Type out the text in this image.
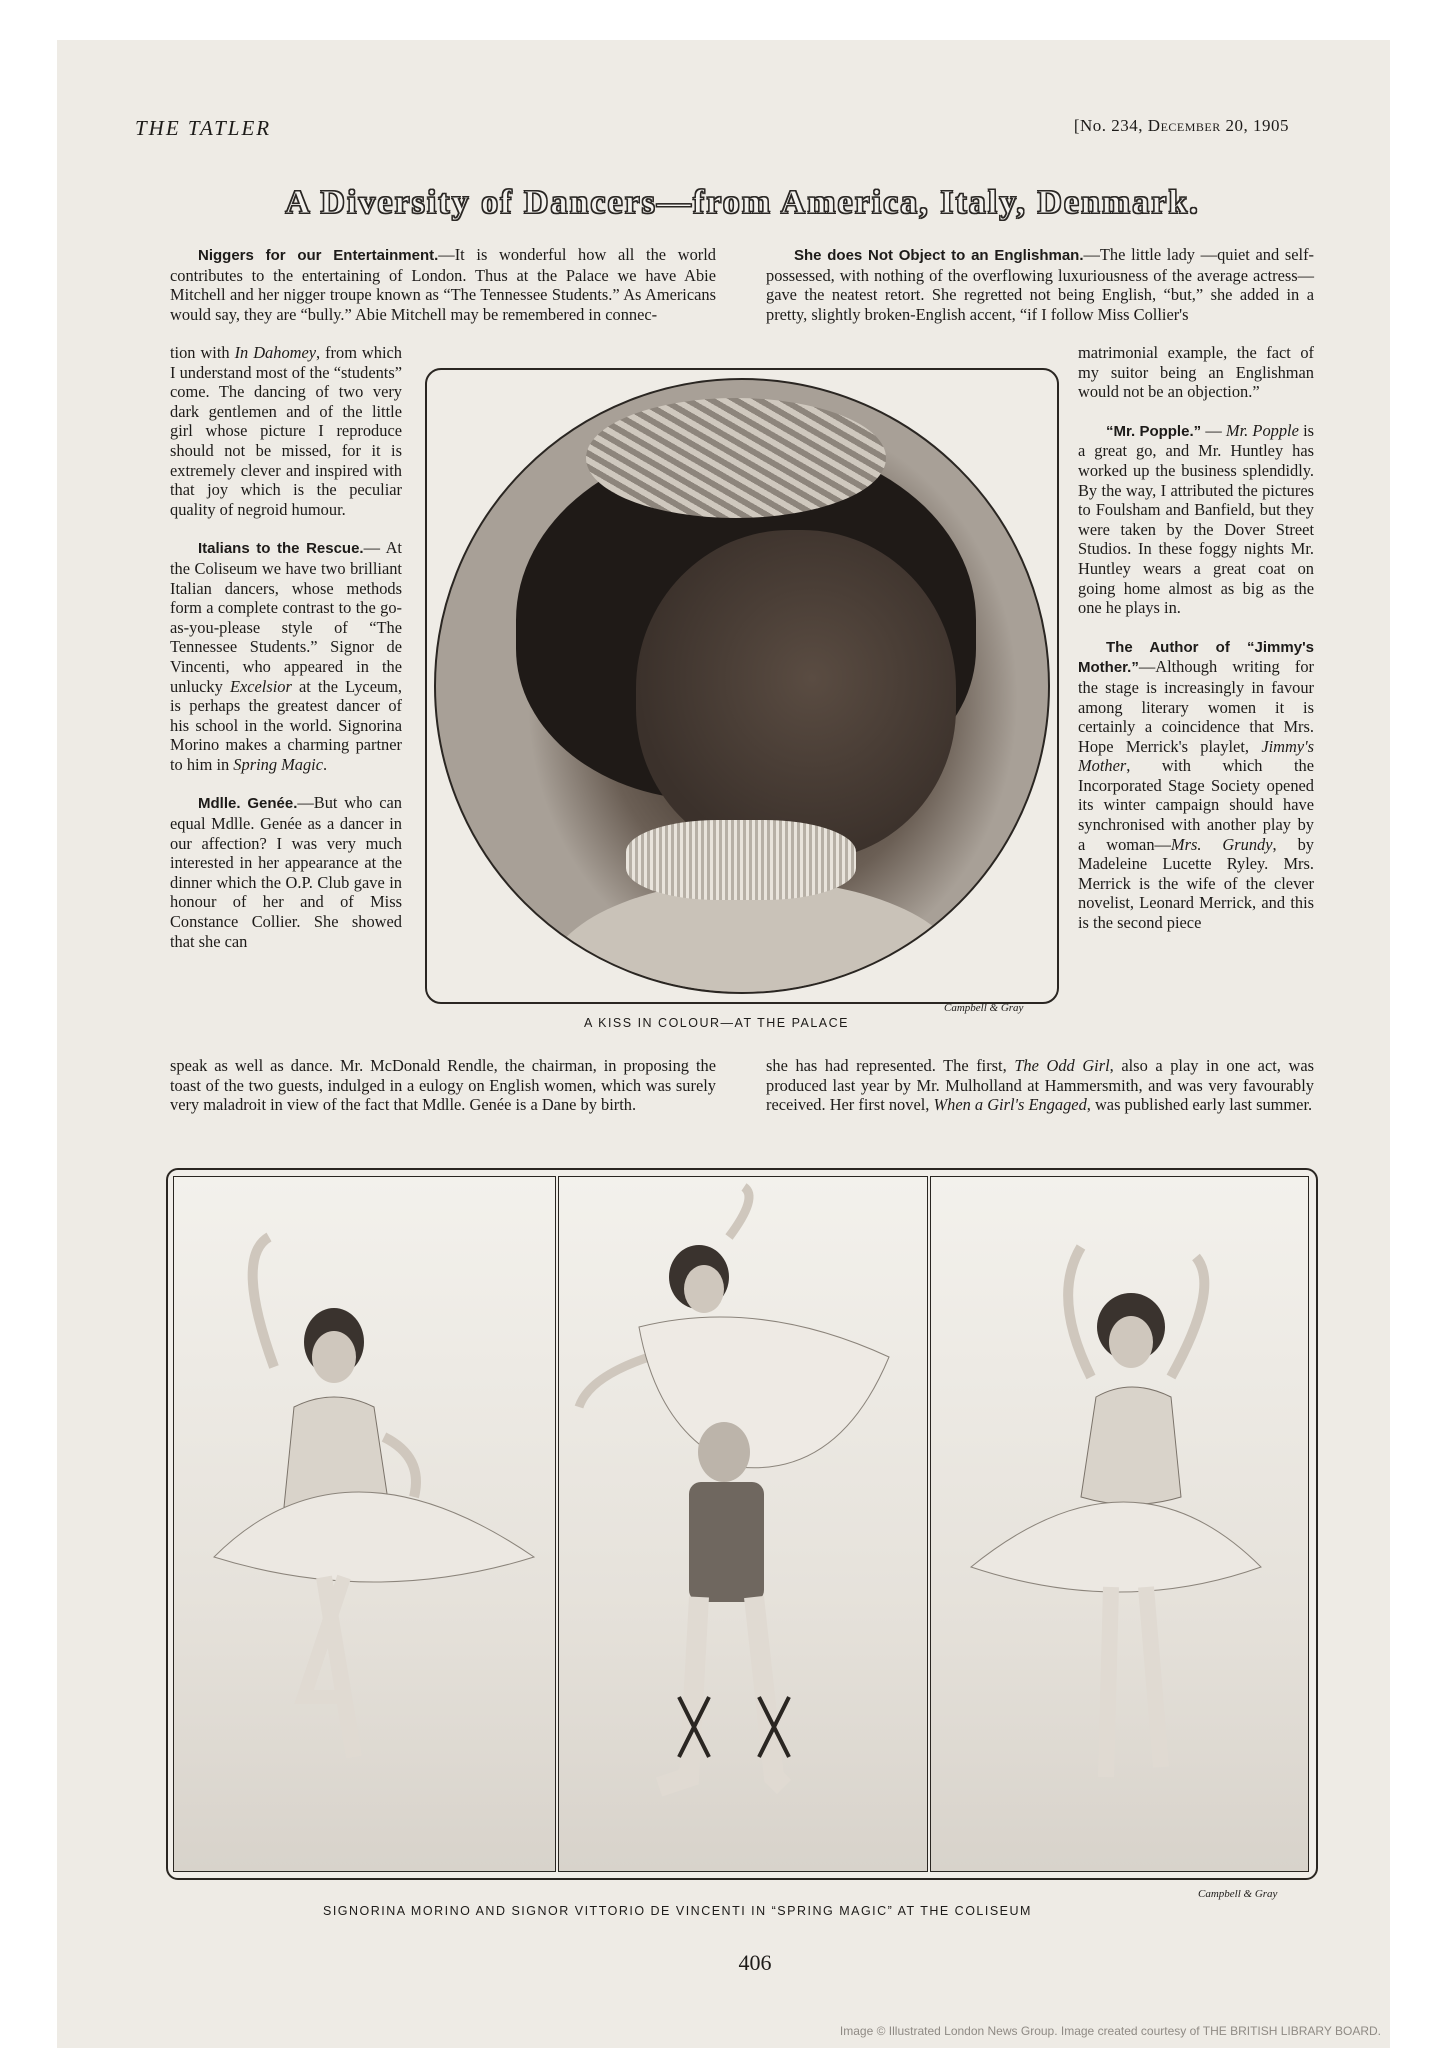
THE TATLER	[No. 234, December 20, 1905
A Diversity of Dancers—from America, Italy, Denmark.

Niggers for our Entertainment.—It is wonderful how all the world contributes to the entertaining of London. Thus at the Palace we have Abie Mitchell and her nigger troupe known as “The Tennessee Students.” As Americans would say, they are “bully.” Abie Mitchell may be remembered in connec-

tion with In Dahomey, from which I understand most of the “students” come. The dancing of two very dark gentlemen and of the little girl whose picture I reproduce should not be missed, for it is extremely clever and inspired with that joy which is the peculiar quality of negroid humour.

Italians to the Rescue.— At the Coliseum we have two brilliant Italian dancers, whose methods form a complete contrast to the go-as-you-please style of “The Tennessee Students.” Signor de Vincenti, who appeared in the unlucky Excelsior at the Lyceum, is perhaps the greatest dancer of his school in the world. Signorina Morino makes a charming partner to him in Spring Magic.

Mdlle. Genée.—But who can equal Mdlle. Genée as a dancer in our affection? I was very much interested in her appearance at the dinner which the O.P. Club gave in honour of her and of Miss Constance Collier. She showed that she can

speak as well as dance. Mr. McDonald Rendle, the chairman, in proposing the toast of the two guests, indulged in a eulogy on English women, which was surely very maladroit in view of the fact that Mdlle. Genée is a Dane by birth.

She does Not Object to an Englishman.—The little lady —quiet and self-possessed, with nothing of the overflowing luxuriousness of the average actress—gave the neatest retort. She regretted not being English, “but,” she added in a pretty, slightly broken-English accent, “if I follow Miss Collier's

matrimonial example, the fact of my suitor being an Englishman would not be an objection.”

“Mr. Popple.” — Mr. Popple is a great go, and Mr. Huntley has worked up the business splendidly. By the way, I attributed the pictures to Foulsham and Banfield, but they were taken by the Dover Street Studios. In these foggy nights Mr. Huntley wears a great coat on going home almost as big as the one he plays in.

The Author of “Jimmy's Mother.”—Although writing for the stage is increasingly in favour among literary women it is certainly a coincidence that Mrs. Hope Merrick's playlet, Jimmy's Mother, with which the Incorporated Stage Society opened its winter campaign should have synchronised with another play by a woman—Mrs. Grundy, by Madeleine Lucette Ryley. Mrs. Merrick is the wife of the clever novelist, Leonard Merrick, and this is the second piece

she has had represented. The first, The Odd Girl, also a play in one act, was produced last year by Mr. Mulholland at Hammersmith, and was very favourably received. Her first novel, When a Girl's Engaged, was published early last summer.

Campbell & Gray
A KISS IN COLOUR—AT THE PALACE
Campbell & Gray
SIGNORINA MORINO AND SIGNOR VITTORIO DE VINCENTI IN “SPRING MAGIC” AT THE COLISEUM
406
Image © Illustrated London News Group. Image created courtesy of THE BRITISH LIBRARY BOARD.
